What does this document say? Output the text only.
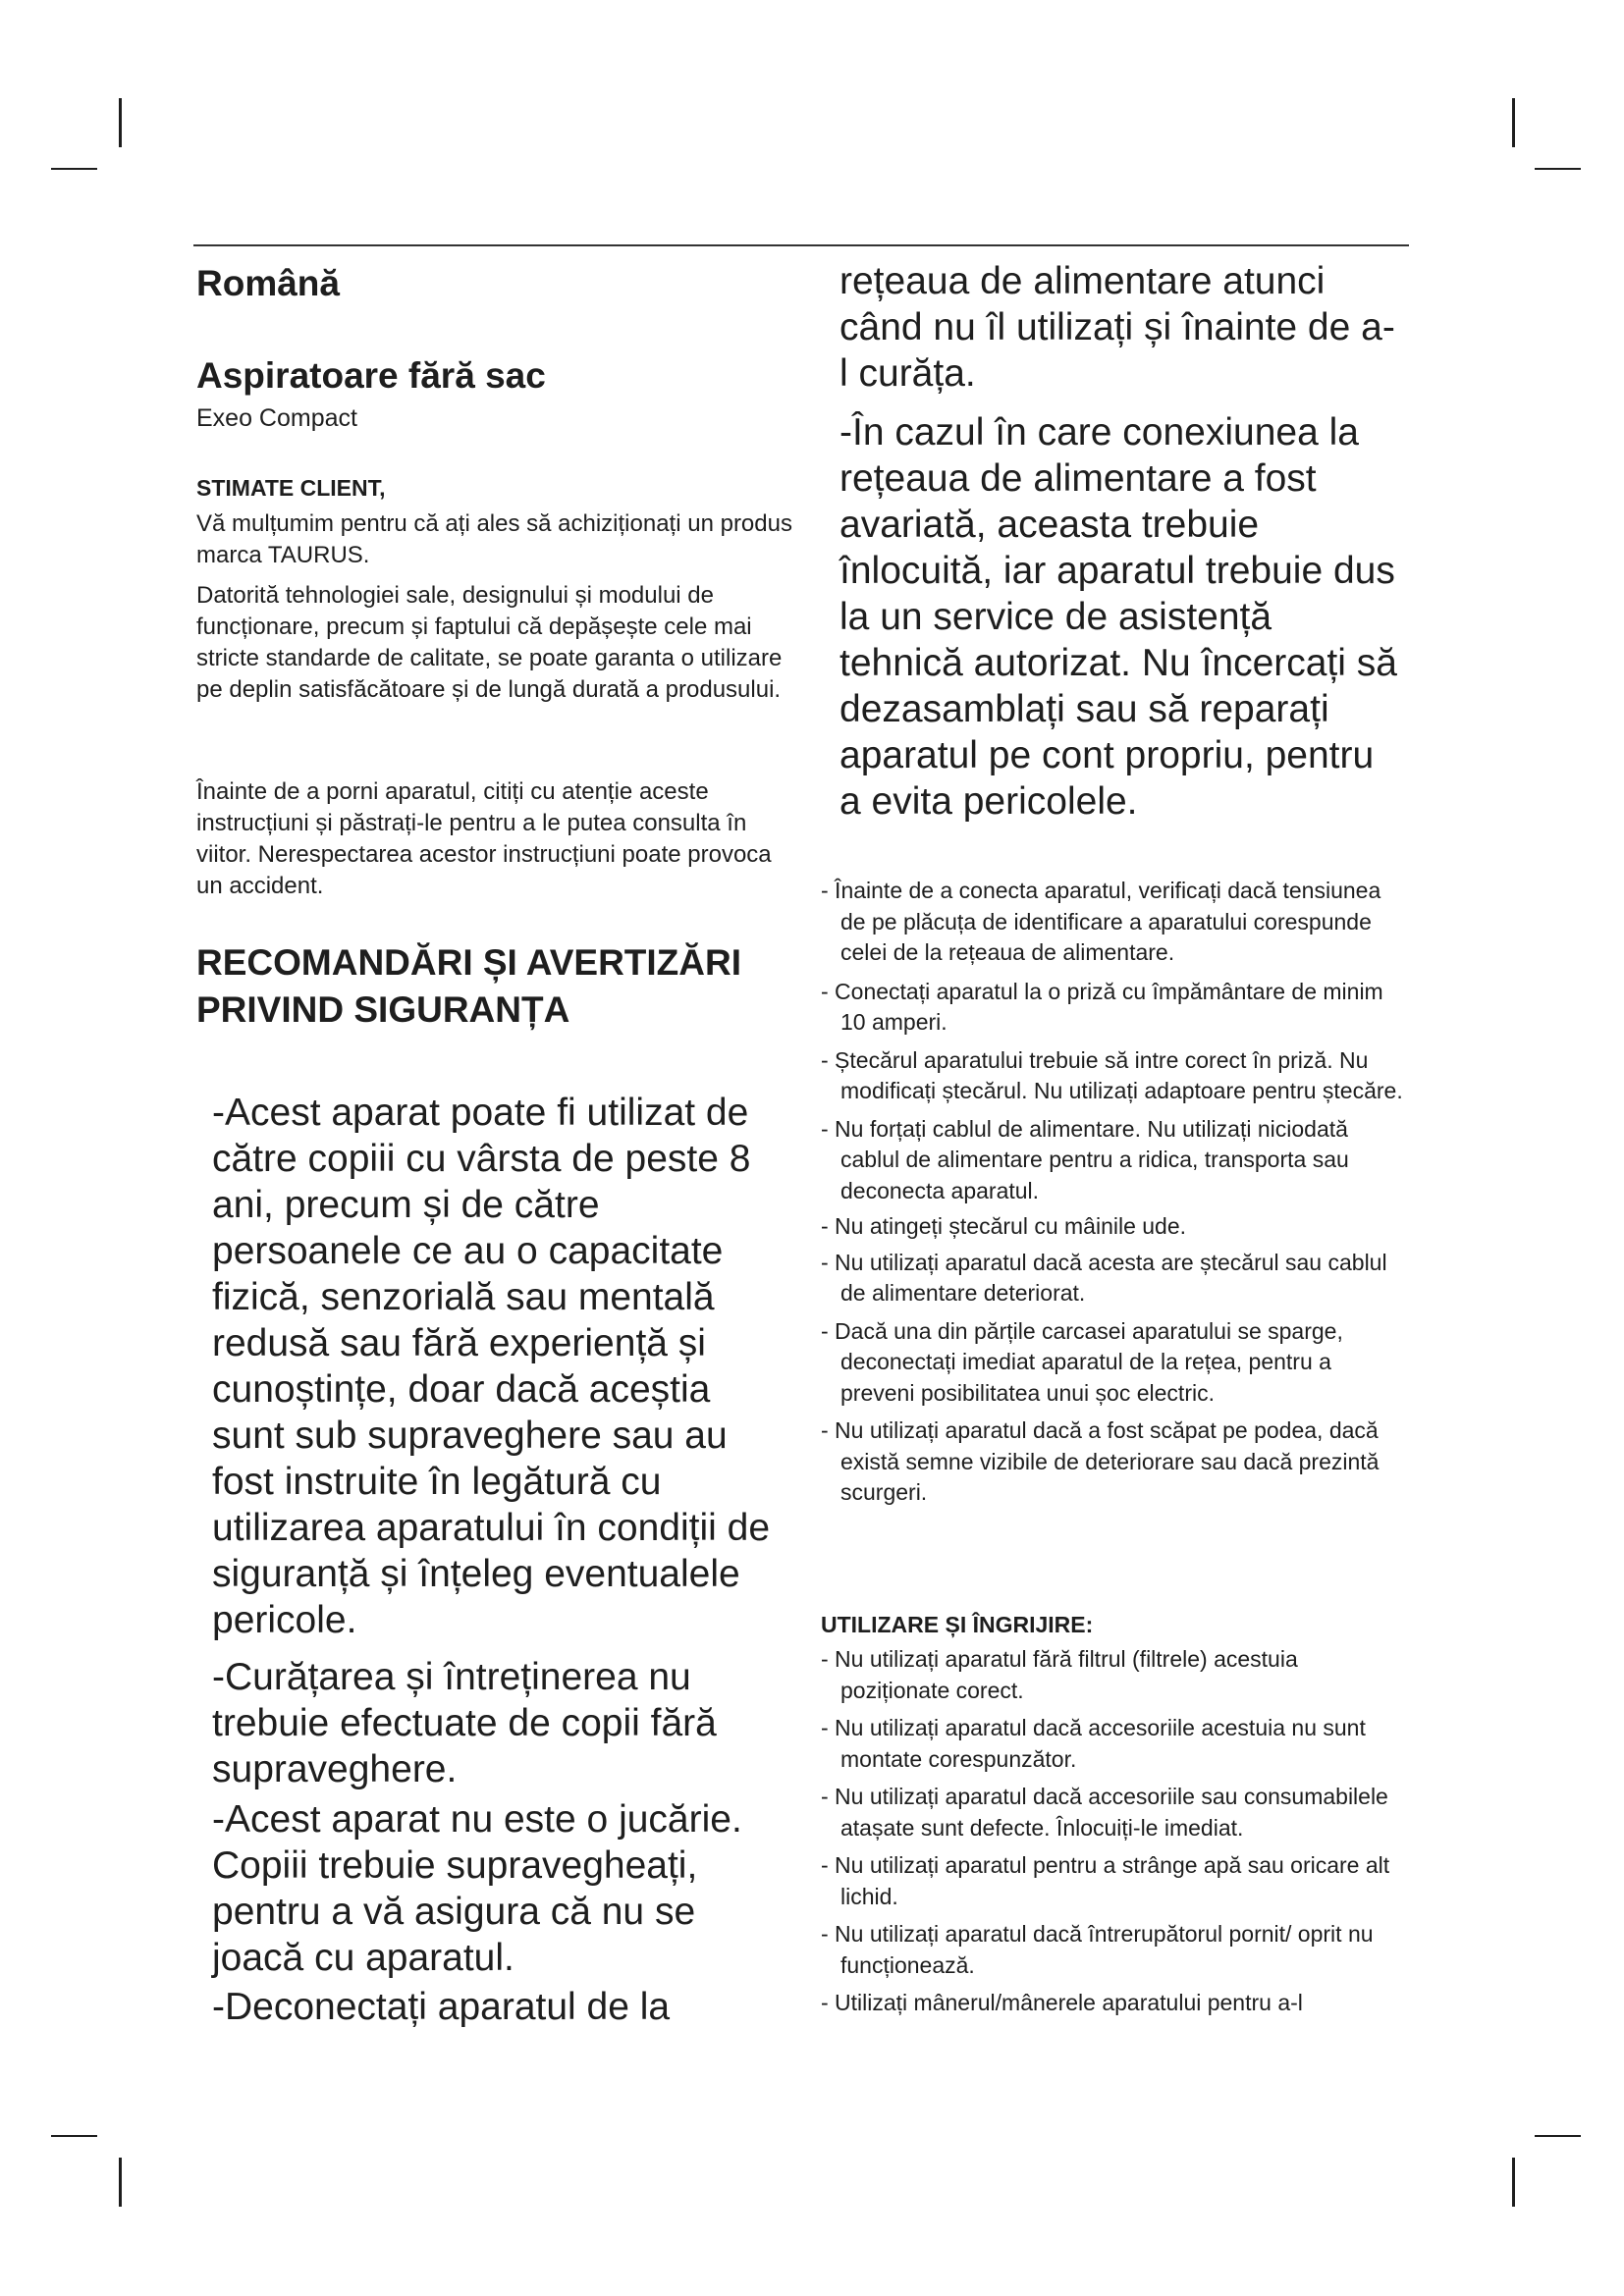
Română
Aspiratoare fără sac

Exeo Compact

STIMATE CLIENT,

Vă mulțumim pentru că ați ales să achiziționați un produs marca TAURUS.

Datorită tehnologiei sale, designului și modului de funcționare, precum și faptului că depășește cele mai stricte standarde de calitate, se poate garanta o utilizare pe deplin satisfăcătoare și de lungă durată a produsului.

Înainte de a porni aparatul, citiți cu atenție aceste instrucțiuni și păstrați-le pentru a le putea consulta în viitor. Nerespectarea acestor instrucțiuni poate provoca un accident.

RECOMANDĂRI ȘI AVERTIZĂRI PRIVIND SIGURANȚA

-Acest aparat poate fi utilizat de către copiii cu vârsta de peste 8 ani, precum și de către persoanele ce au o capacitate fizică, senzorială sau mentală redusă sau fără experiență și cunoștințe, doar dacă aceștia sunt sub supraveghere sau au fost instruite în legătură cu utilizarea aparatului în condiții de siguranță și înțeleg eventualele pericole.

-Curățarea și întreținerea nu trebuie efectuate de copii fără supraveghere.

-Acest aparat nu este o jucărie. Copiii trebuie supravegheați, pentru a vă asigura că nu se joacă cu aparatul.

-Deconectați aparatul de la

rețeaua de alimentare atunci când nu îl utilizați și înainte de a-l curăța.

-În cazul în care conexiunea la rețeaua de alimentare a fost avariată, aceasta trebuie înlocuită, iar aparatul trebuie dus la un service de asistență tehnică autorizat. Nu încercați să dezasamblați sau să reparați aparatul pe cont propriu, pentru a evita pericolele.

- Înainte de a conecta aparatul, verificați dacă tensiunea de pe plăcuța de identificare a aparatului corespunde celei de la rețeaua de alimentare.
- Conectați aparatul la o priză cu împământare de minim 10 amperi.
- Ștecărul aparatului trebuie să intre corect în priză. Nu modificați ștecărul. Nu utilizați adaptoare pentru ștecăre.
- Nu forțați cablul de alimentare. Nu utilizați niciodată cablul de alimentare pentru a ridica, transporta sau deconecta aparatul.
- Nu atingeți ștecărul cu mâinile ude.
- Nu utilizați aparatul dacă acesta are ștecărul sau cablul de alimentare deteriorat.
- Dacă una din părțile carcasei aparatului se sparge, deconectați imediat aparatul de la rețea, pentru a preveni posibilitatea unui șoc electric.
- Nu utilizați aparatul dacă a fost scăpat pe podea, dacă există semne vizibile de deteriorare sau dacă prezintă scurgeri.
UTILIZARE ȘI ÎNGRIJIRE:
- Nu utilizați aparatul fără filtrul (filtrele) acestuia poziționate corect.
- Nu utilizați aparatul dacă accesoriile acestuia nu sunt montate corespunzător.
- Nu utilizați aparatul dacă accesoriile sau consumabilele atașate sunt defecte. Înlocuiți-le imediat.
- Nu utilizați aparatul pentru a strânge apă sau oricare alt lichid.
- Nu utilizați aparatul dacă întrerupătorul pornit/ oprit nu funcționează.
- Utilizați mânerul/mânerele aparatului pentru a-l
